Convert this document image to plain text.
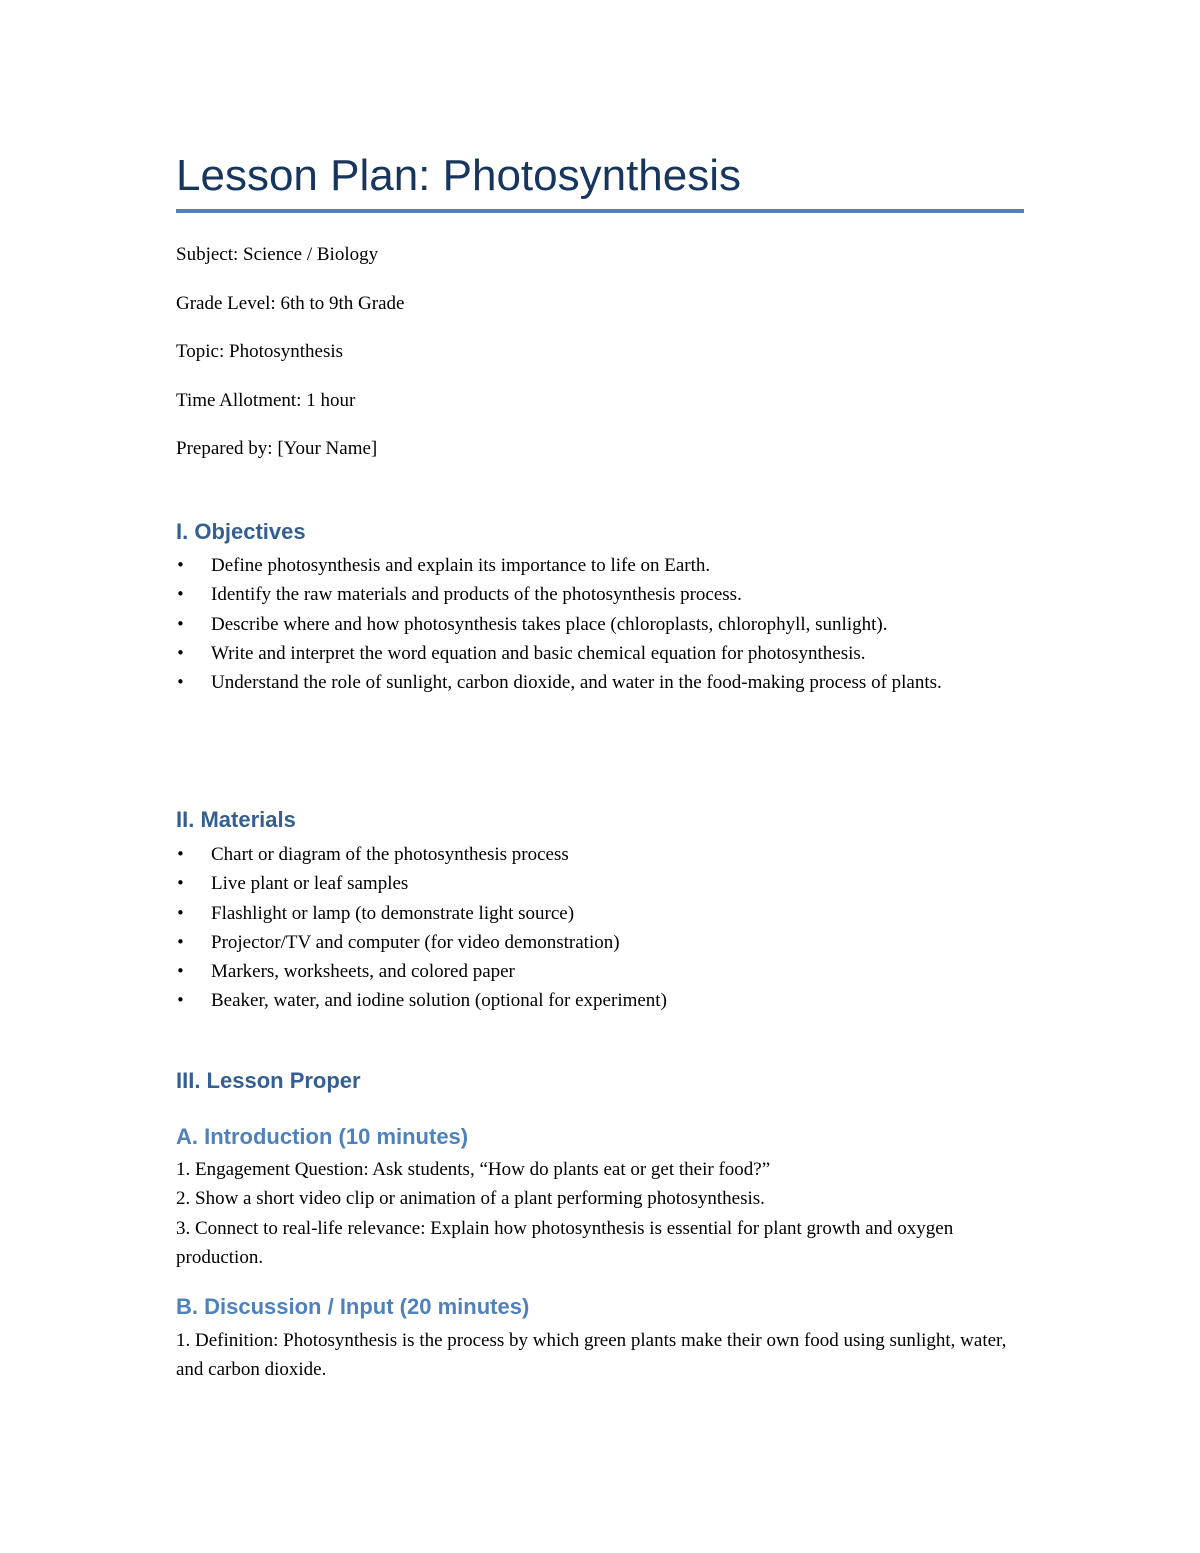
Lesson Plan: Photosynthesis
Subject: Science / Biology
Grade Level: 6th to 9th Grade
Topic: Photosynthesis
Time Allotment: 1 hour
Prepared by: [Your Name]
I. Objectives
• Define photosynthesis and explain its importance to life on Earth.
• Identify the raw materials and products of the photosynthesis process.
• Describe where and how photosynthesis takes place (chloroplasts, chlorophyll, sunlight).
• Write and interpret the word equation and basic chemical equation for photosynthesis.
• Understand the role of sunlight, carbon dioxide, and water in the food-making process of plants.
II. Materials
• Chart or diagram of the photosynthesis process
• Live plant or leaf samples
• Flashlight or lamp (to demonstrate light source)
• Projector/TV and computer (for video demonstration)
• Markers, worksheets, and colored paper
• Beaker, water, and iodine solution (optional for experiment)
III. Lesson Proper
A. Introduction (10 minutes)
1. Engagement Question: Ask students, “How do plants eat or get their food?”
2. Show a short video clip or animation of a plant performing photosynthesis.
3. Connect to real-life relevance: Explain how photosynthesis is essential for plant growth and oxygen production.
B. Discussion / Input (20 minutes)
1. Definition: Photosynthesis is the process by which green plants make their own food using sunlight, water, and carbon dioxide.
